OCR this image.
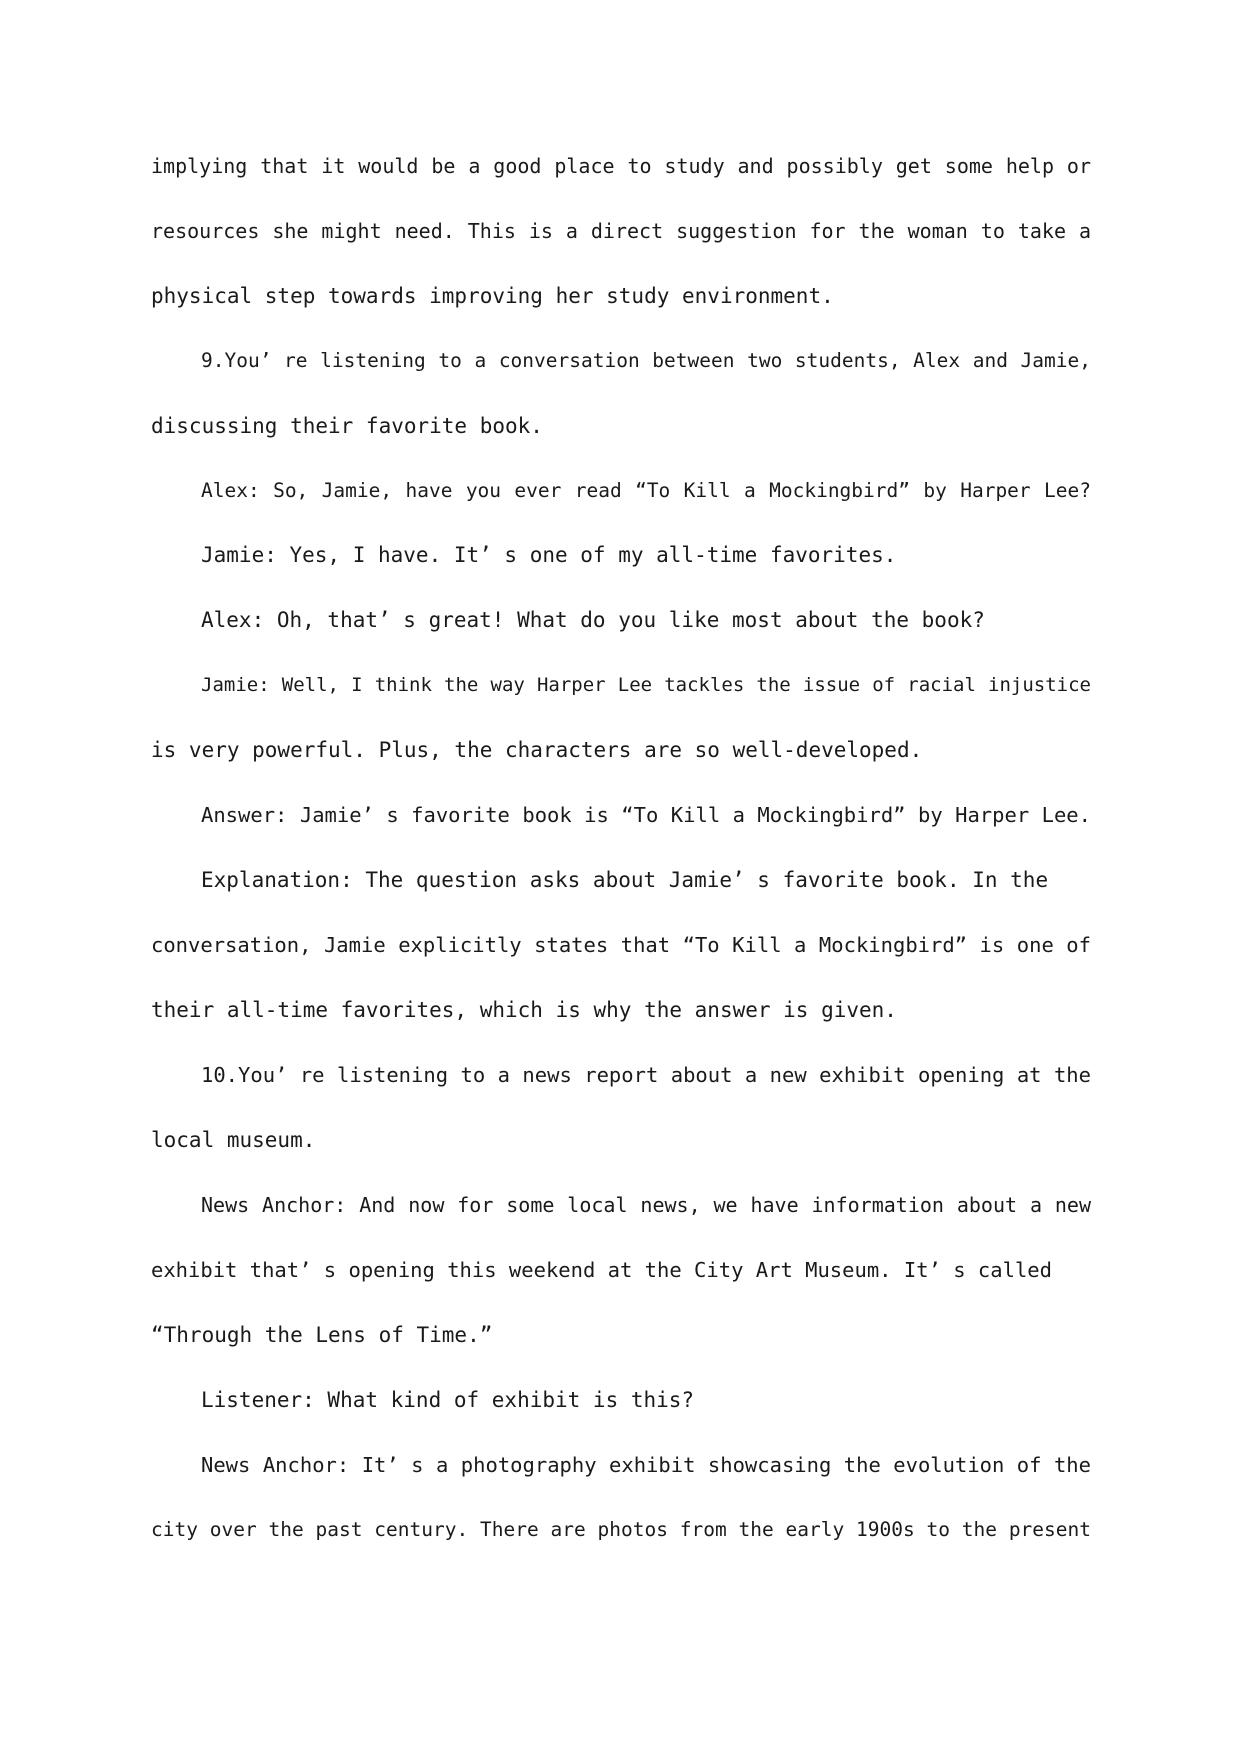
implying that it would be a good place to study and possibly get some help or
resources she might need. This is a direct suggestion for the woman to take a
physical step towards improving her study environment.
9.You’ re listening to a conversation between two students, Alex and Jamie,
discussing their favorite book.
Alex: So, Jamie, have you ever read “To Kill a Mockingbird” by Harper Lee?
Jamie: Yes, I have. It’ s one of my all-time favorites.
Alex: Oh, that’ s great! What do you like most about the book?
Jamie: Well, I think the way Harper Lee tackles the issue of racial injustice
is very powerful. Plus, the characters are so well-developed.
Answer: Jamie’ s favorite book is “To Kill a Mockingbird” by Harper Lee.
Explanation: The question asks about Jamie’ s favorite book. In the
conversation, Jamie explicitly states that “To Kill a Mockingbird” is one of
their all-time favorites, which is why the answer is given.
10.You’ re listening to a news report about a new exhibit opening at the
local museum.
News Anchor: And now for some local news, we have information about a new
exhibit that’ s opening this weekend at the City Art Museum. It’ s called
“Through the Lens of Time.”
Listener: What kind of exhibit is this?
News Anchor: It’ s a photography exhibit showcasing the evolution of the
city over the past century. There are photos from the early 1900s to the present
